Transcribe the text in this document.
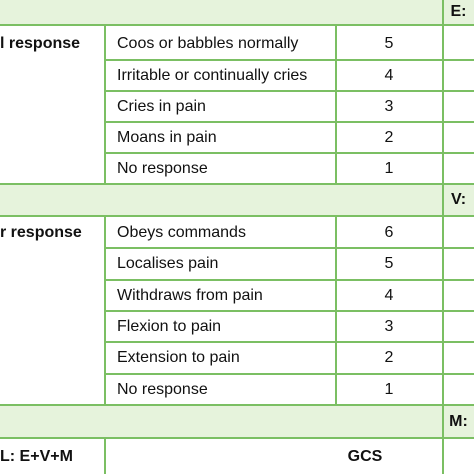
E:
l response	Coos or babbles normally	5
Irritable or continually cries	4
Cries in pain	3
Moans in pain	2
No response	1
V:
r response	Obeys commands	6
Localises pain	5
Withdraws from pain	4
Flexion to pain	3
Extension to pain	2
No response	1
M:
L: E+V+M	GCS
